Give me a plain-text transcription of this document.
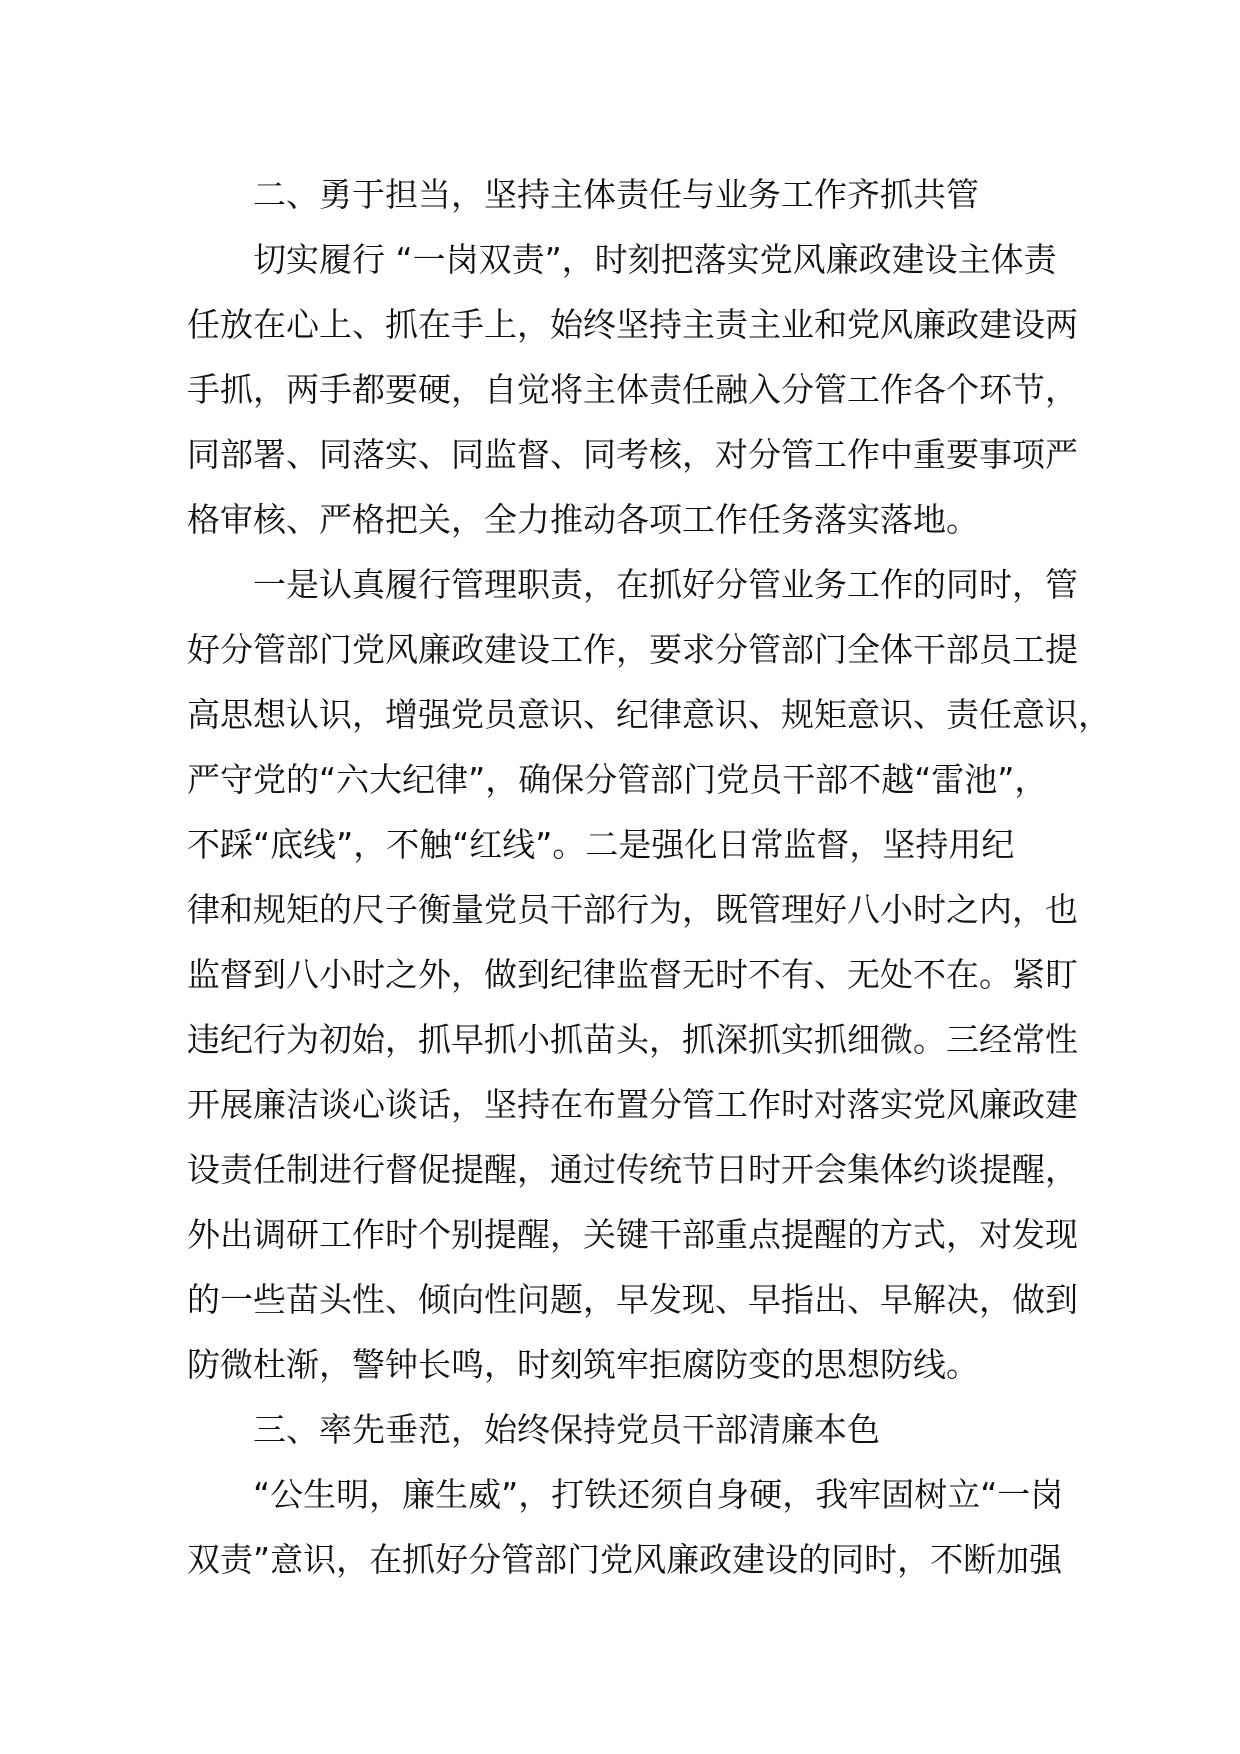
二、勇于担当，坚持主体责任与业务工作齐抓共管
切实履行 “一岗双责”，时刻把落实党风廉政建设主体责
任放在心上、抓在手上，始终坚持主责主业和党风廉政建设两
手抓，两手都要硬，自觉将主体责任融入分管工作各个环节，
同部署、同落实、同监督、同考核，对分管工作中重要事项严
格审核、严格把关，全力推动各项工作任务落实落地。
一是认真履行管理职责，在抓好分管业务工作的同时，管
好分管部门党风廉政建设工作，要求分管部门全体干部员工提
高思想认识，增强党员意识、纪律意识、规矩意识、责任意识，
严守党的“六大纪律”，确保分管部门党员干部不越“雷池”，
不踩“底线”，不触“红线”。二是强化日常监督，坚持用纪
律和规矩的尺子衡量党员干部行为，既管理好八小时之内，也
监督到八小时之外，做到纪律监督无时不有、无处不在。紧盯
违纪行为初始，抓早抓小抓苗头，抓深抓实抓细微。三经常性
开展廉洁谈心谈话，坚持在布置分管工作时对落实党风廉政建
设责任制进行督促提醒，通过传统节日时开会集体约谈提醒，
外出调研工作时个别提醒，关键干部重点提醒的方式，对发现
的一些苗头性、倾向性问题，早发现、早指出、早解决，做到
防微杜渐，警钟长鸣，时刻筑牢拒腐防变的思想防线。
三、率先垂范，始终保持党员干部清廉本色
“公生明，廉生威”，打铁还须自身硬，我牢固树立“一岗
双责”意识，在抓好分管部门党风廉政建设的同时，不断加强
